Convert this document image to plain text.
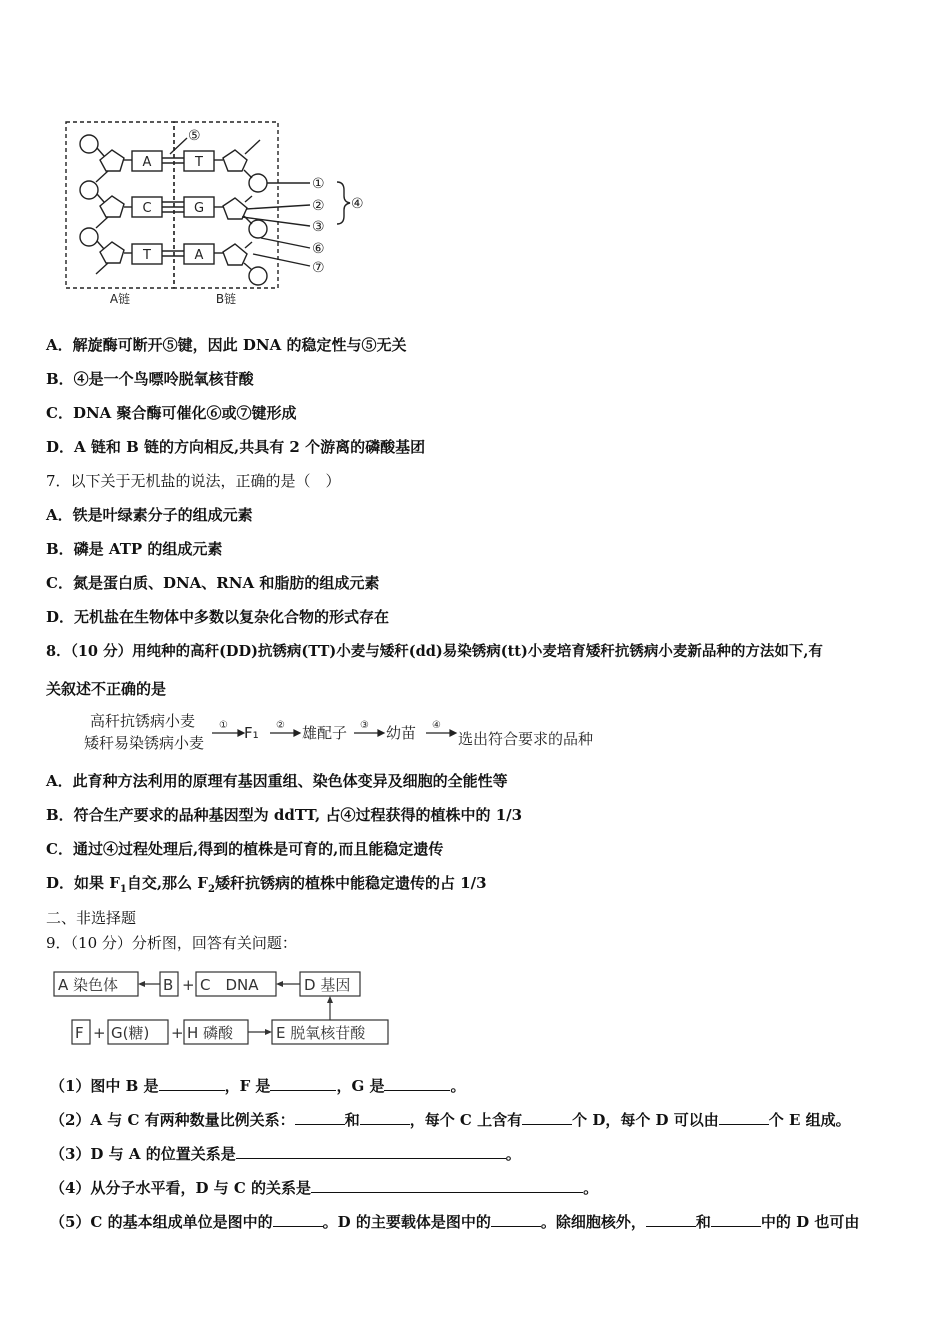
A
C
T
T
G
A
⑤
①
②
③
④
⑥
⑦
A链	B链
A．解旋酶可断开⑤键，因此 DNA 的稳定性与⑤无关
B．④是一个鸟嘌呤脱氧核苷酸
C．DNA 聚合酶可催化⑥或⑦键形成
D．A 链和 B 链的方向相反,共具有 2 个游离的磷酸基团
7．以下关于无机盐的说法，正确的是（　）
A．铁是叶绿素分子的组成元素
B．磷是 ATP 的组成元素
C．氮是蛋白质、DNA、RNA 和脂肪的组成元素
D．无机盐在生物体中多数以复杂化合物的形式存在
8．（10 分）用纯种的高秆(DD)抗锈病(TT)小麦与矮秆(dd)易染锈病(tt)小麦培育矮秆抗锈病小麦新品种的方法如下,有
关叙述不正确的是
高秆抗锈病小麦
矮秆易染锈病小麦
F₁	雄配子	幼苗	选出符合要求的品种
①	②	③	④
A．此育种方法利用的原理有基因重组、染色体变异及细胞的全能性等
B．符合生产要求的品种基因型为 ddTT, 占④过程获得的植株中的 1/3
C．通过④过程处理后,得到的植株是可育的,而且能稳定遗传
D．如果 $F_1$自交,那么 $F_2$矮秆抗锈病的植株中能稳定遗传的占 1/3
二、非选择题
9．（10 分）分析图，回答有关问题：
A 染色体	B + C　DNA	D 基因
F + G(糖) + H 磷酸	E 脱氧核苷酸
（1）图中 B 是	，F 是	，G 是	。
（2）A 与 C 有两种数量比例关系：	和	，每个 C 上含有	个 D，每个 D 可以由	个 E 组成。
（3）D 与 A 的位置关系是	。
（4）从分子水平看，D 与 C 的关系是	。
（5）C 的基本组成单位是图中的	。D 的主要载体是图中的	。除细胞核外，	和	中的 D 也可由
